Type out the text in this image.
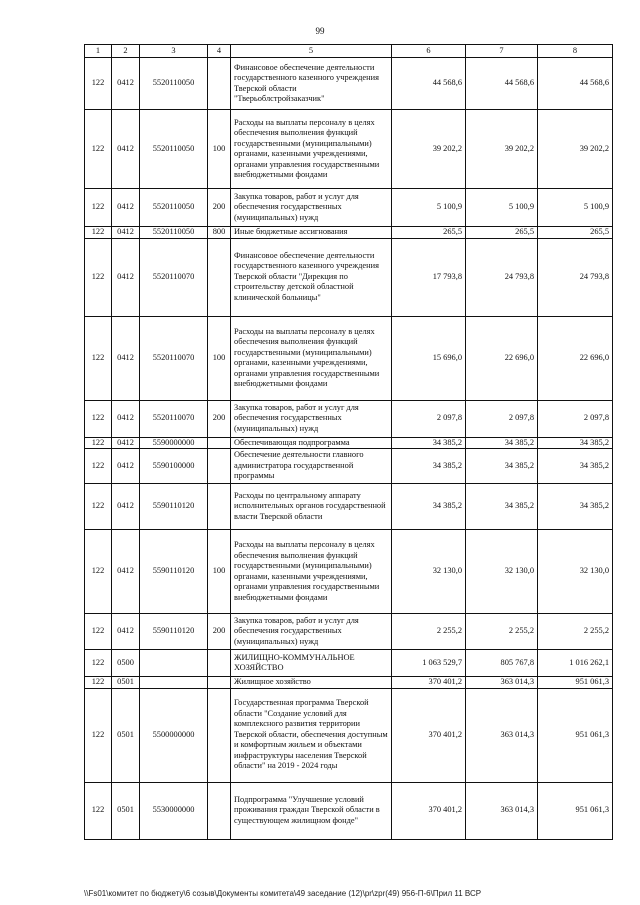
99
1	2	3	4	5	6	7	8
122	0412	5520110050		Финансовое обеспечение деятельности государственного казенного учреждения Тверской области "Тверьоблстройзаказчик"	44 568,6	44 568,6	44 568,6
122	0412	5520110050	100	Расходы на выплаты персоналу в целях обеспечения выполнения функций государственными (муниципальными) органами, казенными учреждениями, органами управления государственными внебюджетными фондами	39 202,2	39 202,2	39 202,2
122	0412	5520110050	200	Закупка товаров, работ и услуг для обеспечения государственных (муниципальных) нужд	5 100,9	5 100,9	5 100,9
122	0412	5520110050	800	Иные бюджетные ассигнования	265,5	265,5	265,5
122	0412	5520110070		Финансовое обеспечение деятельности государственного казенного учреждения Тверской области "Дирекция по строительству детской областной клинической больницы"	17 793,8	24 793,8	24 793,8
122	0412	5520110070	100	Расходы на выплаты персоналу в целях обеспечения выполнения функций государственными (муниципальными) органами, казенными учреждениями, органами управления государственными внебюджетными фондами	15 696,0	22 696,0	22 696,0
122	0412	5520110070	200	Закупка товаров, работ и услуг для обеспечения государственных (муниципальных) нужд	2 097,8	2 097,8	2 097,8
122	0412	5590000000		Обеспечивающая подпрограмма	34 385,2	34 385,2	34 385,2
122	0412	5590100000		Обеспечение деятельности главного администратора государственной программы	34 385,2	34 385,2	34 385,2
122	0412	5590110120		Расходы по центральному аппарату исполнительных органов государственной власти Тверской области	34 385,2	34 385,2	34 385,2
122	0412	5590110120	100	Расходы на выплаты персоналу в целях обеспечения выполнения функций государственными (муниципальными) органами, казенными учреждениями, органами управления государственными внебюджетными фондами	32 130,0	32 130,0	32 130,0
122	0412	5590110120	200	Закупка товаров, работ и услуг для обеспечения государственных (муниципальных) нужд	2 255,2	2 255,2	2 255,2
122	0500			ЖИЛИЩНО-КОММУНАЛЬНОЕ ХОЗЯЙСТВО	1 063 529,7	805 767,8	1 016 262,1
122	0501			Жилищное хозяйство	370 401,2	363 014,3	951 061,3
122	0501	5500000000		Государственная программа Тверской области "Создание условий для комплексного развития территории Тверской области, обеспечения доступным и комфортным жильем и объектами инфраструктуры населения Тверской области" на 2019 - 2024 годы	370 401,2	363 014,3	951 061,3
122	0501	5530000000		Подпрограмма "Улучшение условий проживания граждан Тверской области в существующем жилищном фонде"	370 401,2	363 014,3	951 061,3
\\Fs01\комитет по бюджету\6 созыв\Документы комитета\49 заседание (12)\pr\zpr(49) 956-П-6\Прил 11 ВСР
